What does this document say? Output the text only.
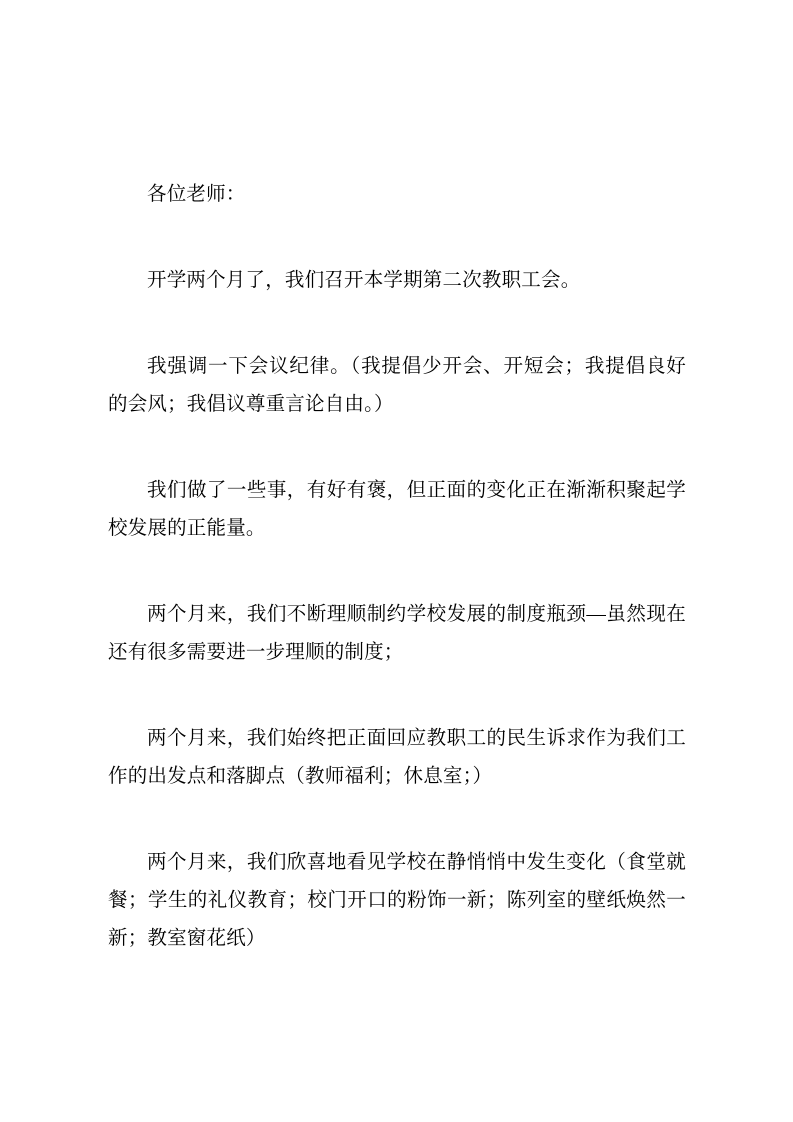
各位老师：

开学两个月了，我们召开本学期第二次教职工会。

我强调一下会议纪律。（我提倡少开会、开短会；我提倡良好的会风；我倡议尊重言论自由。）

我们做了一些事，有好有褒，但正面的变化正在渐渐积聚起学校发展的正能量。

两个月来，我们不断理顺制约学校发展的制度瓶颈—虽然现在还有很多需要进一步理顺的制度；

两个月来，我们始终把正面回应教职工的民生诉求作为我们工作的出发点和落脚点（教师福利；休息室；）

两个月来，我们欣喜地看见学校在静悄悄中发生变化（食堂就餐；学生的礼仪教育；校门开口的粉饰一新；陈列室的壁纸焕然一新；教室窗花纸）
